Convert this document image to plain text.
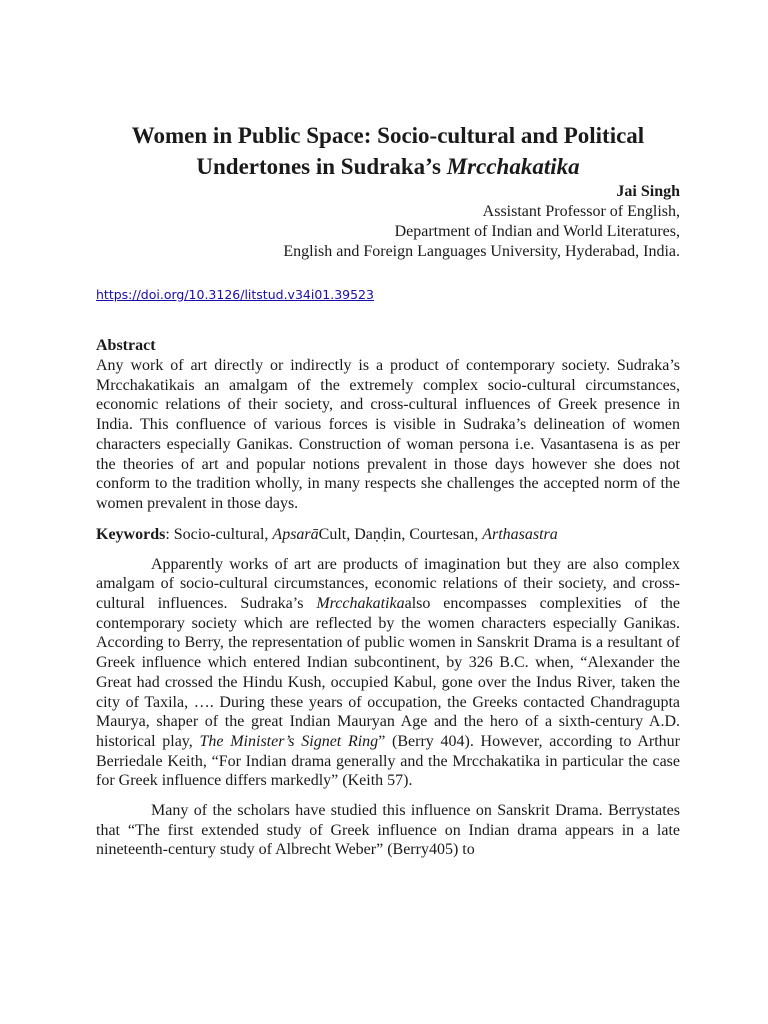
Women in Public Space: Socio-cultural and Political
Undertones in Sudraka’s Mrcchakatika
Jai Singh
Assistant Professor of English,
Department of Indian and World Literatures,
English and Foreign Languages University, Hyderabad, India.
https://doi.org/10.3126/litstud.v34i01.39523
Abstract

Any work of art directly or indirectly is a product of contemporary society. Sudraka’s Mrcchakatikais an amalgam of the extremely complex socio-cultural circumstances, economic relations of their society, and cross-cultural influences of Greek presence in India. This confluence of various forces is visible in Sudraka’s delineation of women characters especially Ganikas. Construction of woman persona i.e. Vasantasena is as per the theories of art and popular notions prevalent in those days however she does not conform to the tradition wholly, in many respects she challenges the accepted norm of the women prevalent in those days.

Keywords: Socio-cultural, ApsarāCult, Daṇḍin, Courtesan, Arthasastra

Apparently works of art are products of imagination but they are also complex amalgam of socio-cultural circumstances, economic relations of their society, and cross-cultural influences. Sudraka’s Mrcchakatikaalso encompasses complexities of the contemporary society which are reflected by the women characters especially Ganikas. According to Berry, the representation of public women in Sanskrit Drama is a resultant of Greek influence which entered Indian subcontinent, by 326 B.C. when, “Alexander the Great had crossed the Hindu Kush, occupied Kabul, gone over the Indus River, taken the city of Taxila, …. During these years of occupation, the Greeks contacted Chandragupta Maurya, shaper of the great Indian Mauryan Age and the hero of a sixth-century A.D. historical play, The Minister’s Signet Ring” (Berry 404). However, according to Arthur Berriedale Keith, “For Indian drama generally and the Mrcchakatika in particular the case for Greek influence differs markedly” (Keith 57).

Many of the scholars have studied this influence on Sanskrit Drama. Berrystates that “The first extended study of Greek influence on Indian drama appears in a late nineteenth-century study of Albrecht Weber” (Berry405) to
